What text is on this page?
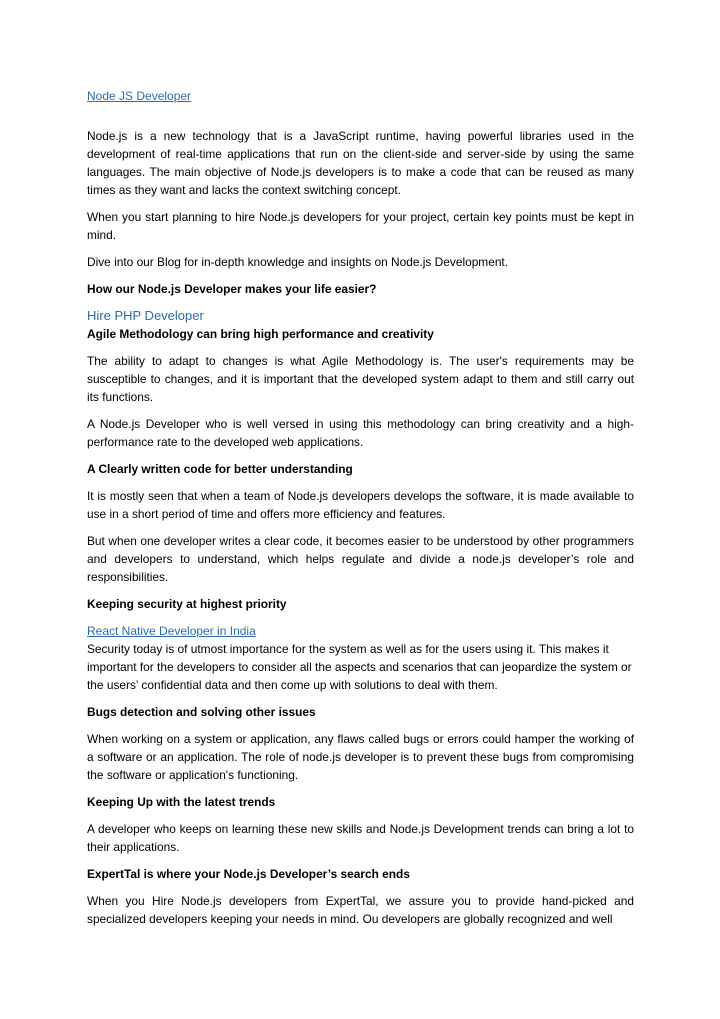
Node JS Developer

Node.js is a new technology that is a JavaScript runtime, having powerful libraries used in the development of real-time applications that run on the client-side and server-side by using the same languages. The main objective of Node.js developers is to make a code that can be reused as many times as they want and lacks the context switching concept.

When you start planning to hire Node.js developers for your project, certain key points must be kept in mind.

Dive into our Blog for in-depth knowledge and insights on Node.js Development.

How our Node.js Developer makes your life easier?

Hire PHP Developer

Agile Methodology can bring high performance and creativity

The ability to adapt to changes is what Agile Methodology is. The user's requirements may be susceptible to changes, and it is important that the developed system adapt to them and still carry out its functions.

A Node.js Developer who is well versed in using this methodology can bring creativity and a high-performance rate to the developed web applications.

A Clearly written code for better understanding

It is mostly seen that when a team of Node.js developers develops the software, it is made available to use in a short period of time and offers more efficiency and features.

But when one developer writes a clear code, it becomes easier to be understood by other programmers and developers to understand, which helps regulate and divide a node.js developer’s role and responsibilities.

Keeping security at highest priority

React Native Developer in India

Security today is of utmost importance for the system as well as for the users using it. This makes it important for the developers to consider all the aspects and scenarios that can jeopardize the system or the users’ confidential data and then come up with solutions to deal with them.

Bugs detection and solving other issues

When working on a system or application, any flaws called bugs or errors could hamper the working of a software or an application. The role of node.js developer is to prevent these bugs from compromising the software or application's functioning.

Keeping Up with the latest trends

A developer who keeps on learning these new skills and Node.js Development trends can bring a lot to their applications.

ExpertTal is where your Node.js Developer’s search ends

When you Hire Node.js developers from ExpertTal, we assure you to provide hand-picked and specialized developers keeping your needs in mind. Ou developers are globally recognized and well
